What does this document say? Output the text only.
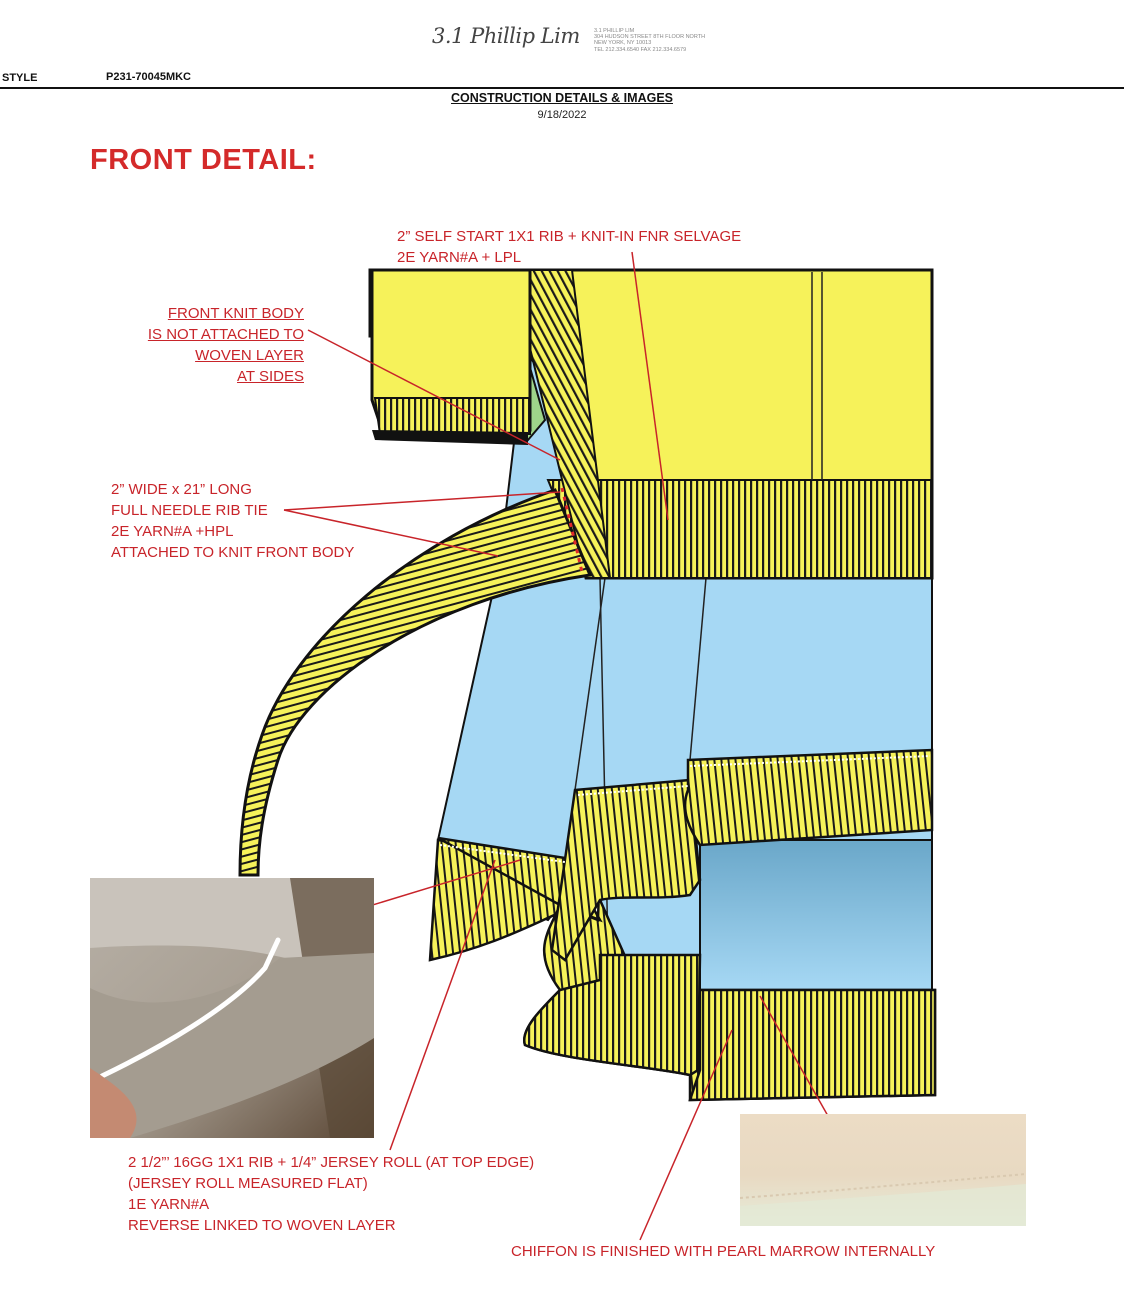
3.1 Phillip Lim	3.1 PHILLIP LIM
304 HUDSON STREET 8TH FLOOR NORTH
NEW YORK, NY 10013
TEL 212.334.6540 FAX 212.334.6579
STYLE	P231-70045MKC
CONSTRUCTION DETAILS & IMAGES
9/18/2022
FRONT DETAIL:
2” SELF START 1X1 RIB + KNIT-IN FNR SELVAGE
2E YARN#A + LPL
FRONT KNIT BODY
IS NOT ATTACHED TO
WOVEN LAYER
AT SIDES
2” WIDE x 21” LONG
FULL NEEDLE RIB TIE
2E YARN#A +HPL
ATTACHED TO KNIT FRONT BODY
2 1/2”’ 16GG 1X1 RIB + 1/4” JERSEY ROLL (AT TOP EDGE)
(JERSEY ROLL MEASURED FLAT)
1E YARN#A
REVERSE LINKED TO WOVEN LAYER
CHIFFON IS FINISHED WITH PEARL MARROW INTERNALLY
